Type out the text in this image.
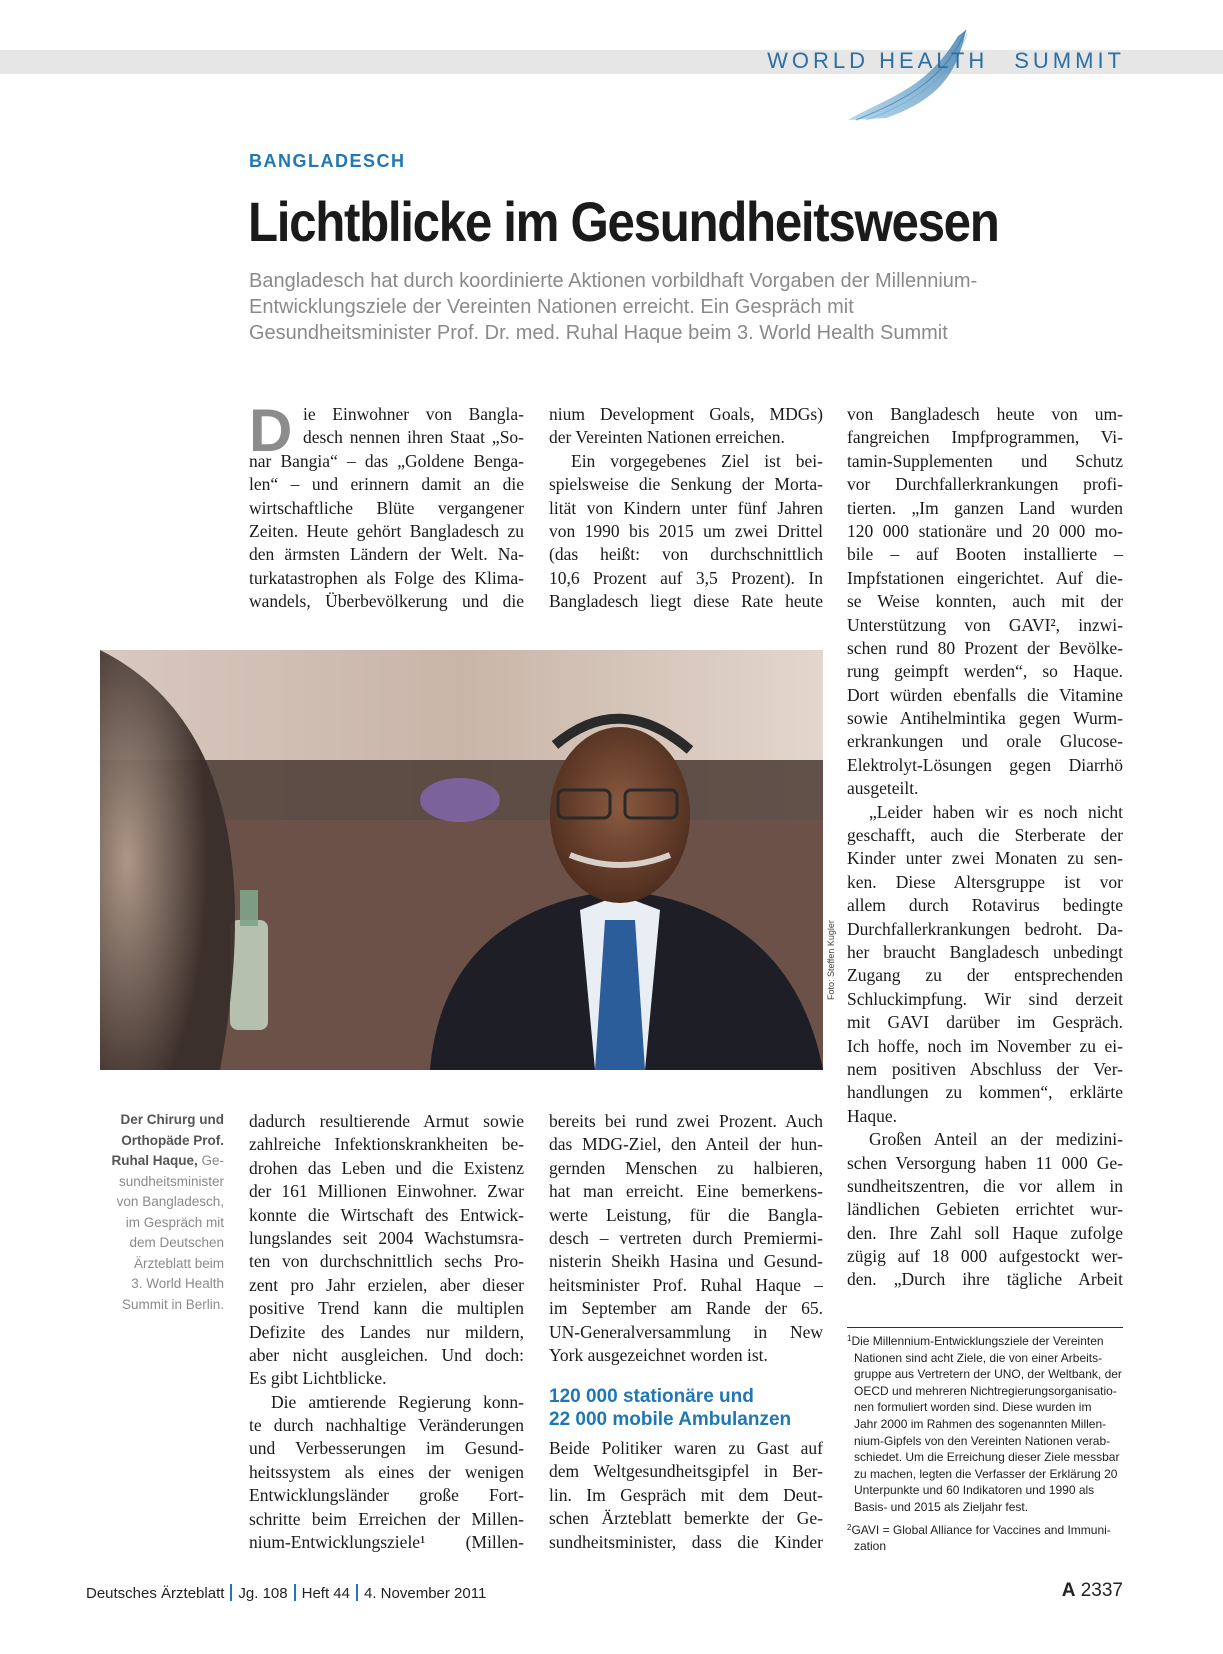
WORLD HEALTH SUMMIT
BANGLADESCH
Lichtblicke im Gesundheitswesen
Bangladesch hat durch koordinierte Aktionen vorbildhaft Vorgaben der Millennium-
Entwicklungsziele der Vereinten Nationen erreicht. Ein Gespräch mit
Gesundheitsminister Prof. Dr. med. Ruhal Haque beim 3. World Health Summit
D ie Einwohner von Bangla-
desch nennen ihren Staat „So-
nar Bangia“ – das „Goldene Benga-
len“ – und erinnern damit an die
wirtschaftliche Blüte vergangener
Zeiten. Heute gehört Bangladesch zu
den ärmsten Ländern der Welt. Na-
turkatastrophen als Folge des Klima-
wandels, Überbevölkerung und die
nium Development Goals, MDGs)
der Vereinten Nationen erreichen.
Ein vorgegebenes Ziel ist bei-
spielsweise die Senkung der Morta-
lität von Kindern unter fünf Jahren
von 1990 bis 2015 um zwei Drittel
(das heißt: von durchschnittlich
10,6 Prozent auf 3,5 Prozent). In
Bangladesch liegt diese Rate heute
von Bangladesch heute von um-
fangreichen Impfprogrammen, Vi-
tamin-Supplementen und Schutz
vor Durchfallerkrankungen profi-
tierten. „Im ganzen Land wurden
120 000 stationäre und 20 000 mo-
bile – auf Booten installierte –
Impfstationen eingerichtet. Auf die-
se Weise konnten, auch mit der
Unterstützung von GAVI², inzwi-
schen rund 80 Prozent der Bevölke-
rung geimpft werden“, so Haque.
Dort würden ebenfalls die Vitamine
sowie Antihelmintika gegen Wurm-
erkrankungen und orale Glucose-
Elektrolyt-Lösungen gegen Diarrhö
ausgeteilt.
„Leider haben wir es noch nicht
geschafft, auch die Sterberate der
Kinder unter zwei Monaten zu sen-
ken. Diese Altersgruppe ist vor
allem durch Rotavirus bedingte
Durchfallerkrankungen bedroht. Da-
her braucht Bangladesch unbedingt
Zugang zu der entsprechenden
Schluckimpfung. Wir sind derzeit
mit GAVI darüber im Gespräch.
Ich hoffe, noch im November zu ei-
nem positiven Abschluss der Ver-
handlungen zu kommen“, erklärte
Haque.
Großen Anteil an der medizini-
schen Versorgung haben 11 000 Ge-
sundheitszentren, die vor allem in
ländlichen Gebieten errichtet wur-
den. Ihre Zahl soll Haque zufolge
zügig auf 18 000 aufgestockt wer-
den. „Durch ihre tägliche Arbeit
Foto: Steffen Kugler
Der Chirurg und
Orthopäde Prof.
Ruhal Haque, Ge-
sundheitsminister
von Bangladesch,
im Gespräch mit
dem Deutschen
Ärzteblatt beim
3. World Health
Summit in Berlin.
dadurch resultierende Armut sowie
zahlreiche Infektionskrankheiten be-
drohen das Leben und die Existenz
der 161 Millionen Einwohner. Zwar
konnte die Wirtschaft des Entwick-
lungslandes seit 2004 Wachstumsra-
ten von durchschnittlich sechs Pro-
zent pro Jahr erzielen, aber dieser
positive Trend kann die multiplen
Defizite des Landes nur mildern,
aber nicht ausgleichen. Und doch:
Es gibt Lichtblicke.
Die amtierende Regierung konn-
te durch nachhaltige Veränderungen
und Verbesserungen im Gesund-
heitssystem als eines der wenigen
Entwicklungsländer große Fort-
schritte beim Erreichen der Millen-
nium-Entwicklungsziele¹ (Millen-
bereits bei rund zwei Prozent. Auch
das MDG-Ziel, den Anteil der hun-
gernden Menschen zu halbieren,
hat man erreicht. Eine bemerkens-
werte Leistung, für die Bangla-
desch – vertreten durch Premiermi-
nisterin Sheikh Hasina und Gesund-
heitsminister Prof. Ruhal Haque –
im September am Rande der 65.
UN-Generalversammlung in New
York ausgezeichnet worden ist.
120 000 stationäre und
22 000 mobile Ambulanzen
Beide Politiker waren zu Gast auf
dem Weltgesundheitsgipfel in Ber-
lin. Im Gespräch mit dem Deut-
schen Ärzteblatt bemerkte der Ge-
sundheitsminister, dass die Kinder
$^1$Die Millennium-Entwicklungsziele der Vereinten
Nationen sind acht Ziele, die von einer Arbeits-
gruppe aus Vertretern der UNO, der Weltbank, der
OECD und mehreren Nichtregierungsorganisatio-
nen formuliert worden sind. Diese wurden im
Jahr 2000 im Rahmen des sogenannten Millen-
nium-Gipfels von den Vereinten Nationen verab-
schiedet. Um die Erreichung dieser Ziele messbar
zu machen, legten die Verfasser der Erklärung 20
Unterpunkte und 60 Indikatoren und 1990 als
Basis- und 2015 als Zieljahr fest.
$^2$GAVI = Global Alliance for Vaccines and Immuni-
zation
Deutsches Ärzteblatt Jg. 108 Heft 44 4. November 2011	A 2337
